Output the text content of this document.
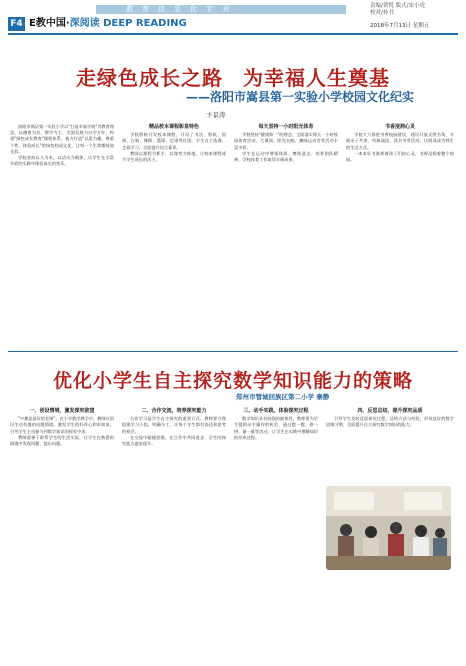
教育信息化专刊	责编/黄悦 版式/宋小虎
校对/孙书
F4 E教中国·深阅读 DEEP READING	2018年7月13日 星期五
走绿色成长之路 为幸福人生奠基
——洛阳市嵩县第一实验小学校园文化纪实
卞景涛

洛阳市嵩县第一实验小学以"打造幸福学校"为教育理念，以德育为首、教学为主、全面发展为办学方针，构建"绿色成长教育"课程体系，着力打造"以爱为魂、尊重个性、体验成长"的绿色校园文化，让每一个生命都绽放光彩。

学校坚持以人为本，以活动为载体，让学生在丰富多彩的实践中体验成长的快乐。

精品校本课程彰显特色

学校积极开发校本课程，开设了书法、剪纸、国画、合唱、舞蹈、篮球、足球等社团，学生自主选课、走班学习，全面提升综合素养。

教师以课程为抓手，以课堂为阵地，让校本课程成为学生成长的沃土。

每天坚持一小时阳光体育

学校坚持"健康第一"的理念，全面落实每天一小时校园体育活动，大课间、阳光长跑、趣味运动会等活动丰富多彩。

学生在运动中增强体质、磨炼意志、培养团队精神，学校体育工作取得丰硕成果。

书香浸润心灵

学校大力推进书香校园建设，建设开放式图书角，开展亲子共读、经典诵读、读书节等活动，让阅读成为师生的生活方式。

一本本好书滋养着孩子们的心灵，书香浸润着整个校园。

优化小学生自主探究数学知识能力的策略
郑州市管城回族区第二小学 秦静
一、创设情境，激发探究欲望

"兴趣是最好的老师"。在小学数学教学中，教师应创设生动有趣的问题情境，激发学生的好奇心和求知欲，引导学生主动参与到数学知识的探究中来。

教师要善于联系学生的生活实际，让学生在熟悉的情境中发现问题、提出问题。

二、合作交流，培养探究能力

合作学习是学生自主探究的重要方式。教师要合理组建学习小组，明确分工，让每个学生都有表达和思考的机会。

在交流中碰撞思维，在合作中共同进步，学生的探究能力逐步提升。

三、动手实践，体验探究过程

数学知识具有较强的抽象性，教师要为学生提供动手操作的机会，通过摆一摆、拼一拼、量一量等活动，让学生在实践中理解知识的形成过程。

四、反思总结，提升探究品质

引导学生及时反思探究过程，总结方法与经验，形成良好的数学思维习惯，全面提升自主探究数学知识的能力。
